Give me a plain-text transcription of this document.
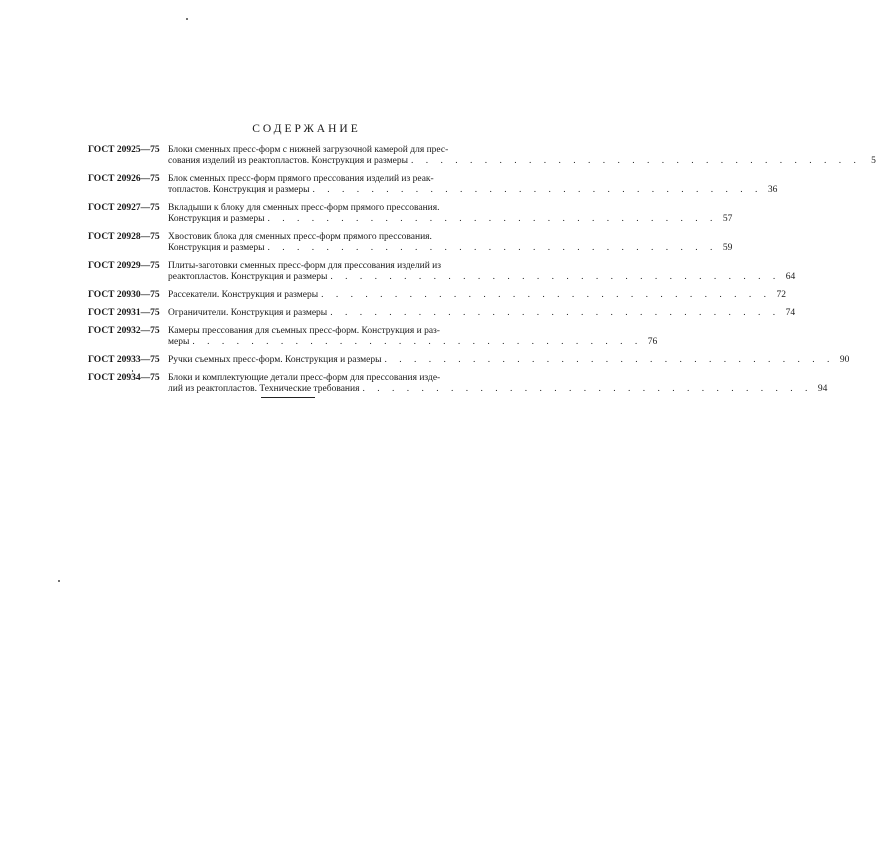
СОДЕРЖАНИЕ
ГОСТ 20925—75 Блоки сменных пресс-форм с нижней загрузочной камерой для прес-
сования изделий из реактопластов. Конструкция и размеры . . . . . . . . . . . . . . . . . . . . . . . . . . . . . . .	5
ГОСТ 20926—75 Блок сменных пресс-форм прямого прессования изделий из реак-
топластов. Конструкция и размеры . . . . . . . . . . . . . . . . . . . . . . . . . . . . . . . 36
ГОСТ 20927—75 Вкладыши к блоку для сменных пресс-форм прямого прессования.
Конструкция и размеры . . . . . . . . . . . . . . . . . . . . . . . . . . . . . . . 57
ГОСТ 20928—75 Хвостовик блока для сменных пресс-форм прямого прессования.
Конструкция и размеры . . . . . . . . . . . . . . . . . . . . . . . . . . . . . . . 59
ГОСТ 20929—75 Плиты-заготовки сменных пресс-форм для прессования изделий из
реактопластов. Конструкция и размеры . . . . . . . . . . . . . . . . . . . . . . . . . . . . . . . 64
ГОСТ 20930—75 Рассекатели. Конструкция и размеры . . . . . . . . . . . . . . . . . . . . . . . . . . . . . . . 72
ГОСТ 20931—75 Ограничители. Конструкция и размеры . . . . . . . . . . . . . . . . . . . . . . . . . . . . . . . 74
ГОСТ 20932—75 Камеры прессования для съемных пресс-форм. Конструкция и раз-
меры . . . . . . . . . . . . . . . . . . . . . . . . . . . . . . . 76
ГОСТ 20933—75 Ручки съемных пресс-форм. Конструкция и размеры . . . . . . . . . . . . . . . . . . . . . . . . . . . . . . . 90
ГОСТ 20934—75 Блоки и комплектующие детали пресс-форм для прессования изде-
лий из реактопластов. Технические требования . . . . . . . . . . . . . . . . . . . . . . . . . . . . . . . 94
